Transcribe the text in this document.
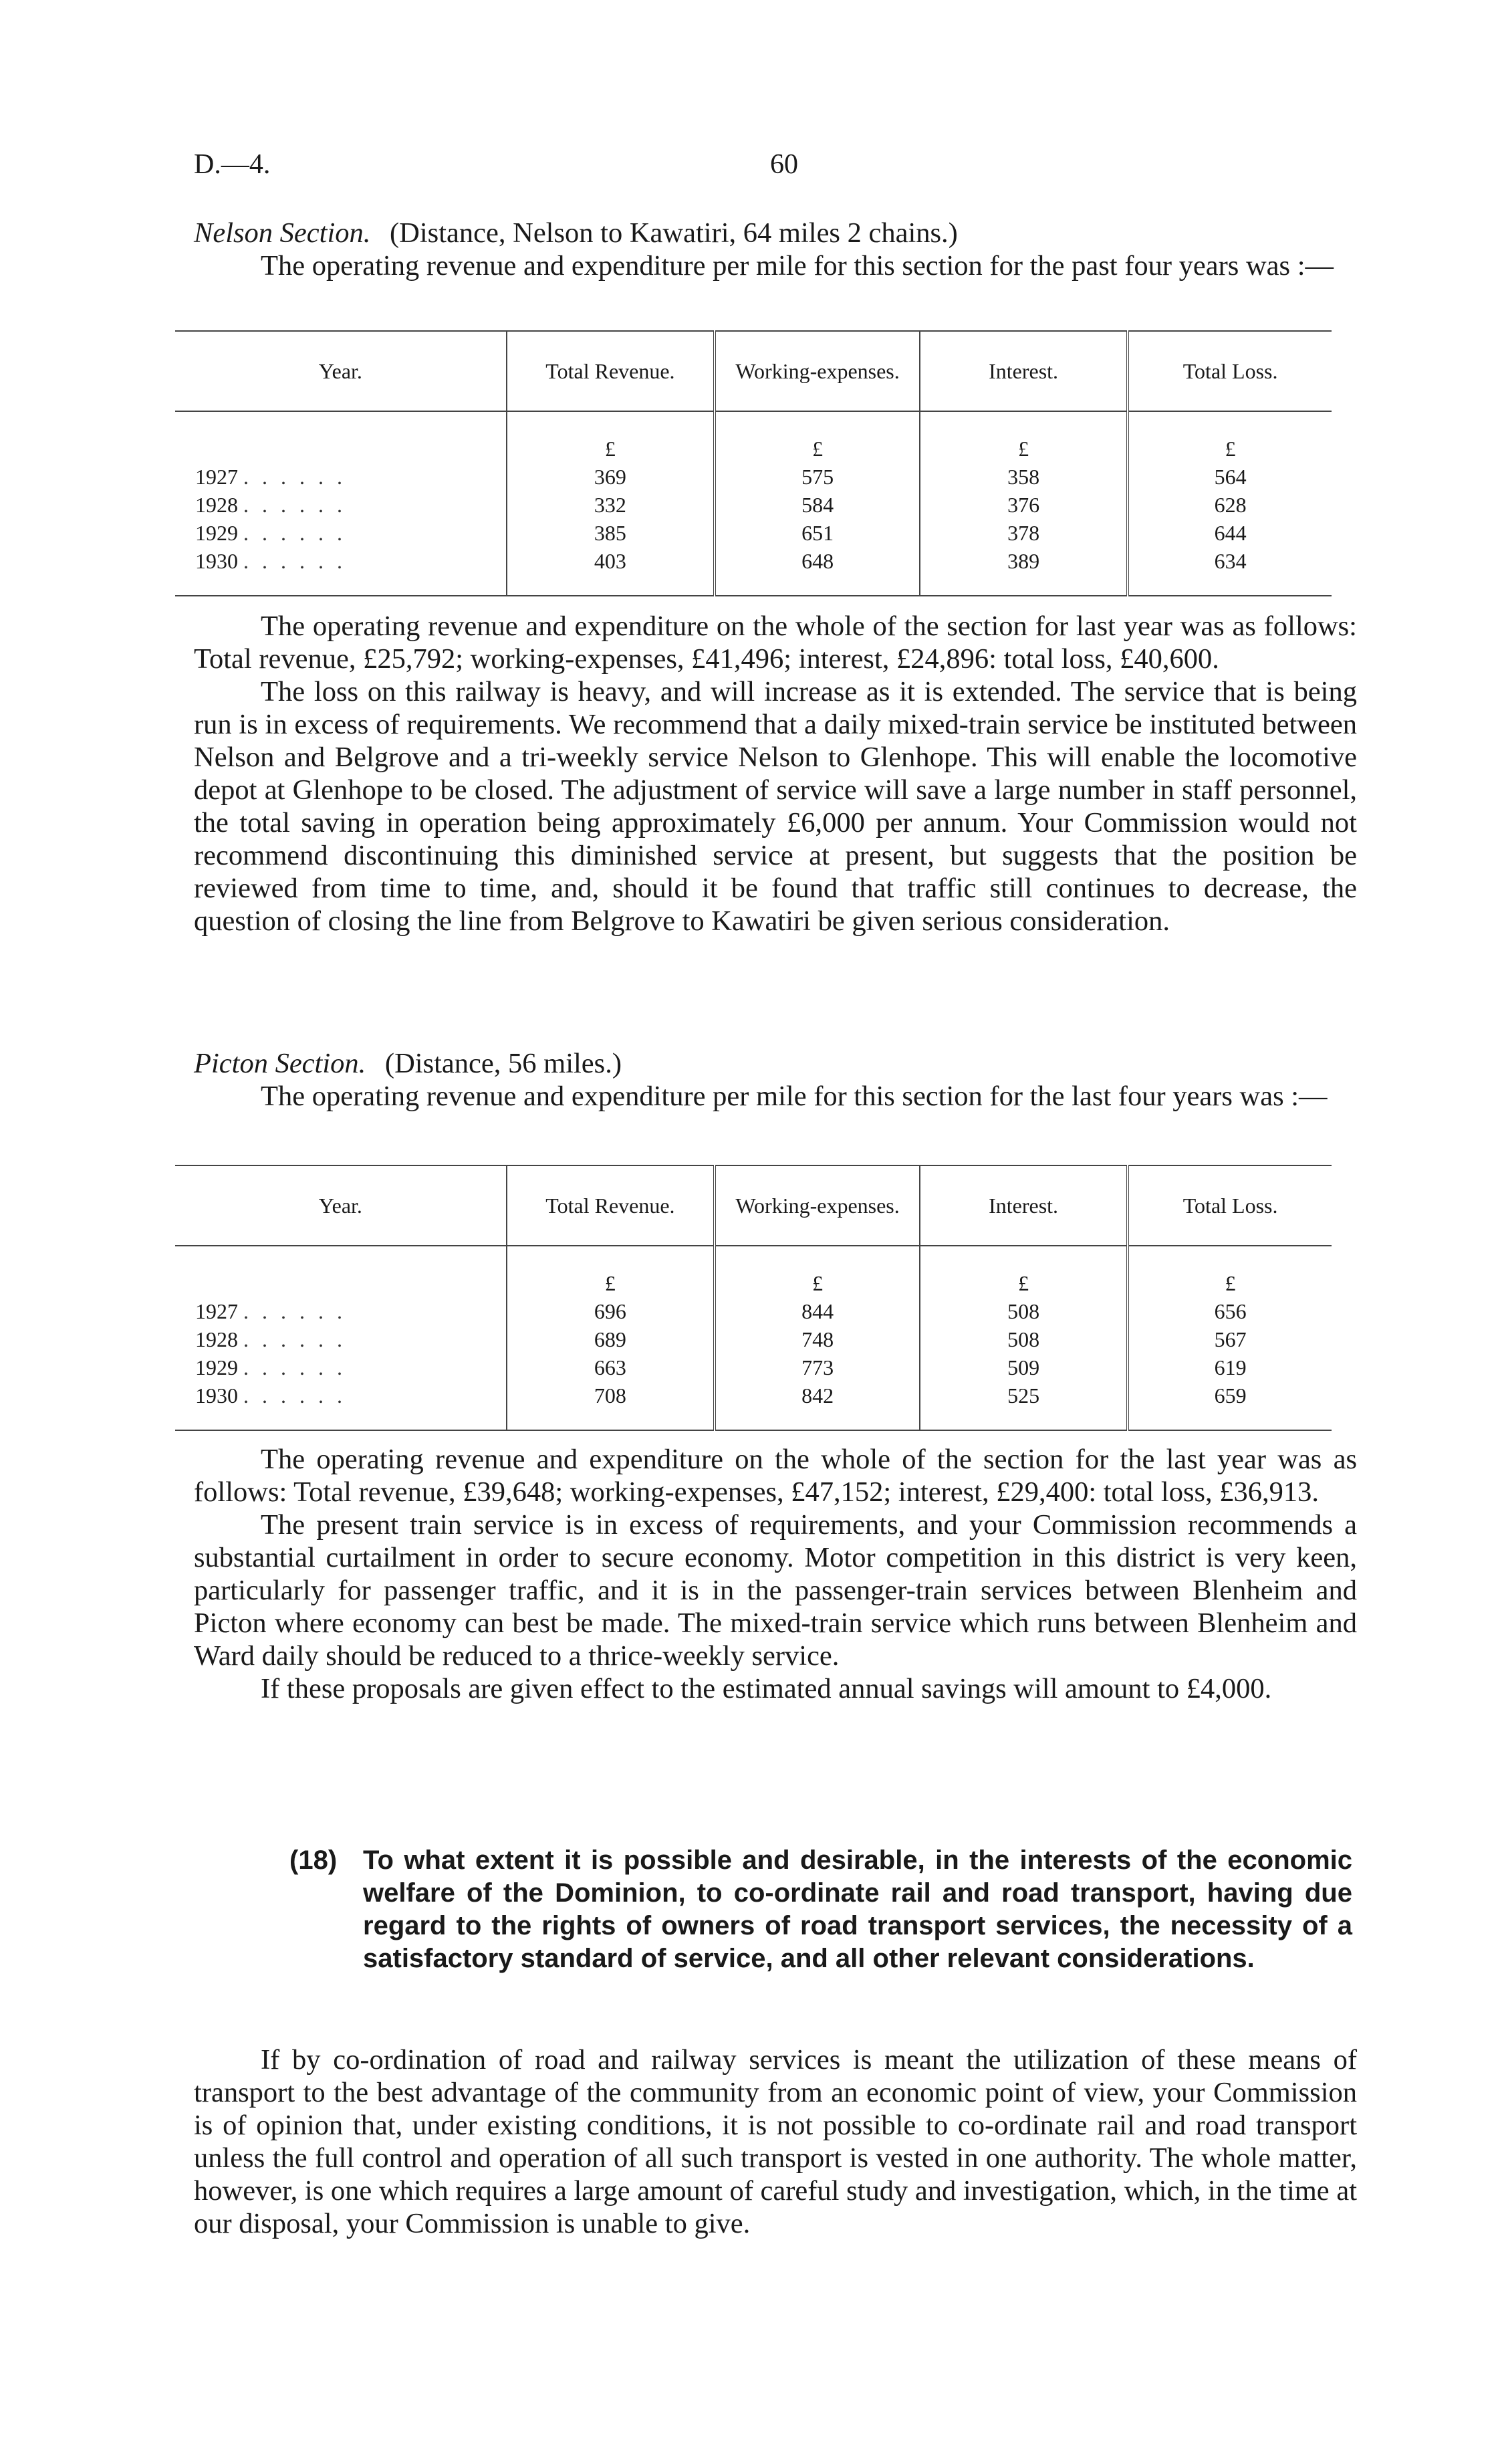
D.—4.	60

Nelson Section. (Distance, Nelson to Kawatiri, 64 miles 2 chains.)

The operating revenue and expenditure per mile for this section for the past four years was :—

Year.	Total Revenue.	Working-expenses.	Interest.	Total Loss.
	£	£	£	£
1927 . . . . . .	369	575	358	564
1928 . . . . . .	332	584	376	628
1929 . . . . . .	385	651	378	644
1930 . . . . . .	403	648	389	634

The operating revenue and expenditure on the whole of the section for last year was as follows: Total revenue, £25,792; working-expenses, £41,496; interest, £24,896: total loss, £40,600.

The loss on this railway is heavy, and will increase as it is extended. The service that is being run is in excess of requirements. We recommend that a daily mixed-train service be instituted between Nelson and Belgrove and a tri-weekly service Nelson to Glenhope. This will enable the locomotive depot at Glenhope to be closed. The adjustment of service will save a large number in staff personnel, the total saving in operation being approximately £6,000 per annum. Your Commission would not recommend discontinuing this diminished service at present, but suggests that the position be reviewed from time to time, and, should it be found that traffic still continues to decrease, the question of closing the line from Belgrove to Kawatiri be given serious consideration.

Picton Section. (Distance, 56 miles.)

The operating revenue and expenditure per mile for this section for the last four years was :—

Year.	Total Revenue.	Working-expenses.	Interest.	Total Loss.
	£	£	£	£
1927 . . . . . .	696	844	508	656
1928 . . . . . .	689	748	508	567
1929 . . . . . .	663	773	509	619
1930 . . . . . .	708	842	525	659

The operating revenue and expenditure on the whole of the section for the last year was as follows: Total revenue, £39,648; working-expenses, £47,152; interest, £29,400: total loss, £36,913.

The present train service is in excess of requirements, and your Commission recommends a substantial curtailment in order to secure economy. Motor competition in this district is very keen, particularly for passenger traffic, and it is in the passenger-train services between Blenheim and Picton where economy can best be made. The mixed-train service which runs between Blenheim and Ward daily should be reduced to a thrice-weekly service.

If these proposals are given effect to the estimated annual savings will amount to £4,000.

(18) To what extent it is possible and desirable, in the interests of the economic welfare of the Dominion, to co-ordinate rail and road transport, having due regard to the rights of owners of road transport services, the necessity of a satisfactory standard of service, and all other relevant considerations.

If by co-ordination of road and railway services is meant the utilization of these means of transport to the best advantage of the community from an economic point of view, your Commission is of opinion that, under existing conditions, it is not possible to co-ordinate rail and road transport unless the full control and operation of all such transport is vested in one authority. The whole matter, however, is one which requires a large amount of careful study and investigation, which, in the time at our disposal, your Commission is unable to give.
